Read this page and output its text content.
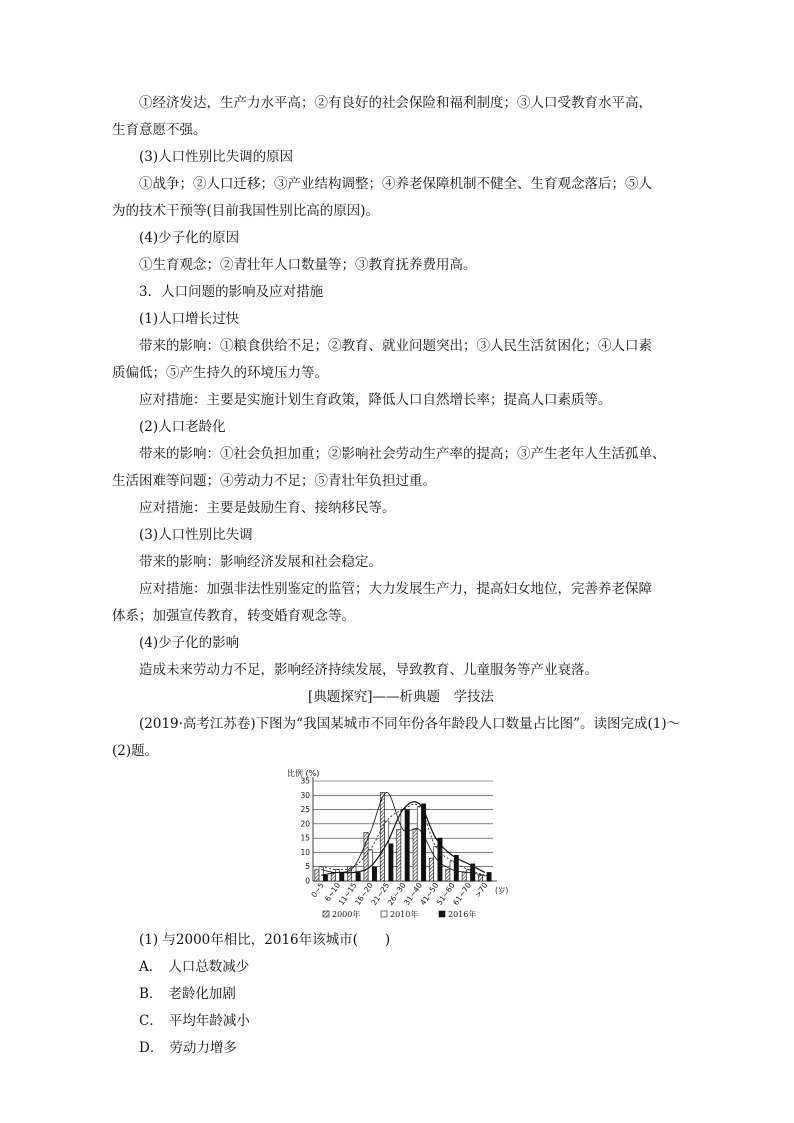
①经济发达，生产力水平高；②有良好的社会保险和福利制度；③人口受教育水平高，

生育意愿不强。

(3)人口性别比失调的原因

①战争；②人口迁移；③产业结构调整；④养老保障机制不健全、生育观念落后；⑤人

为的技术干预等(目前我国性别比高的原因)。

(4)少子化的原因

①生育观念；②青壮年人口数量等；③教育抚养费用高。

3．人口问题的影响及应对措施

(1)人口增长过快

带来的影响：①粮食供给不足；②教育、就业问题突出；③人民生活贫困化；④人口素

质偏低；⑤产生持久的环境压力等。

应对措施：主要是实施计划生育政策，降低人口自然增长率；提高人口素质等。

(2)人口老龄化

带来的影响：①社会负担加重；②影响社会劳动生产率的提高；③产生老年人生活孤单、

生活困难等问题；④劳动力不足；⑤青壮年负担过重。

应对措施：主要是鼓励生育、接纳移民等。

(3)人口性别比失调

带来的影响：影响经济发展和社会稳定。

应对措施：加强非法性别鉴定的监管；大力发展生产力，提高妇女地位，完善养老保障

体系；加强宣传教育，转变婚育观念等。

(4)少子化的影响

造成未来劳动力不足，影响经济持续发展，导致教育、儿童服务等产业衰落。

[典题探究]——析典题　学技法

(2019·高考江苏卷)下图为“我国某城市不同年份各年龄段人口数量占比图”。读图完成(1)～

(2)题。

比例 (%)
0
5
10
15
20
25
30
35
0~5
6~10
11~15
16~20
21~25
26~30
31~40
41~50
51~60
61~70 >70 (岁)
2000年	2010年	2016年

(1) 与2000年相比，2016年该城市(　　)

A． 人口总数减少
B． 老龄化加剧
C． 平均年龄减小
D． 劳动力增多
